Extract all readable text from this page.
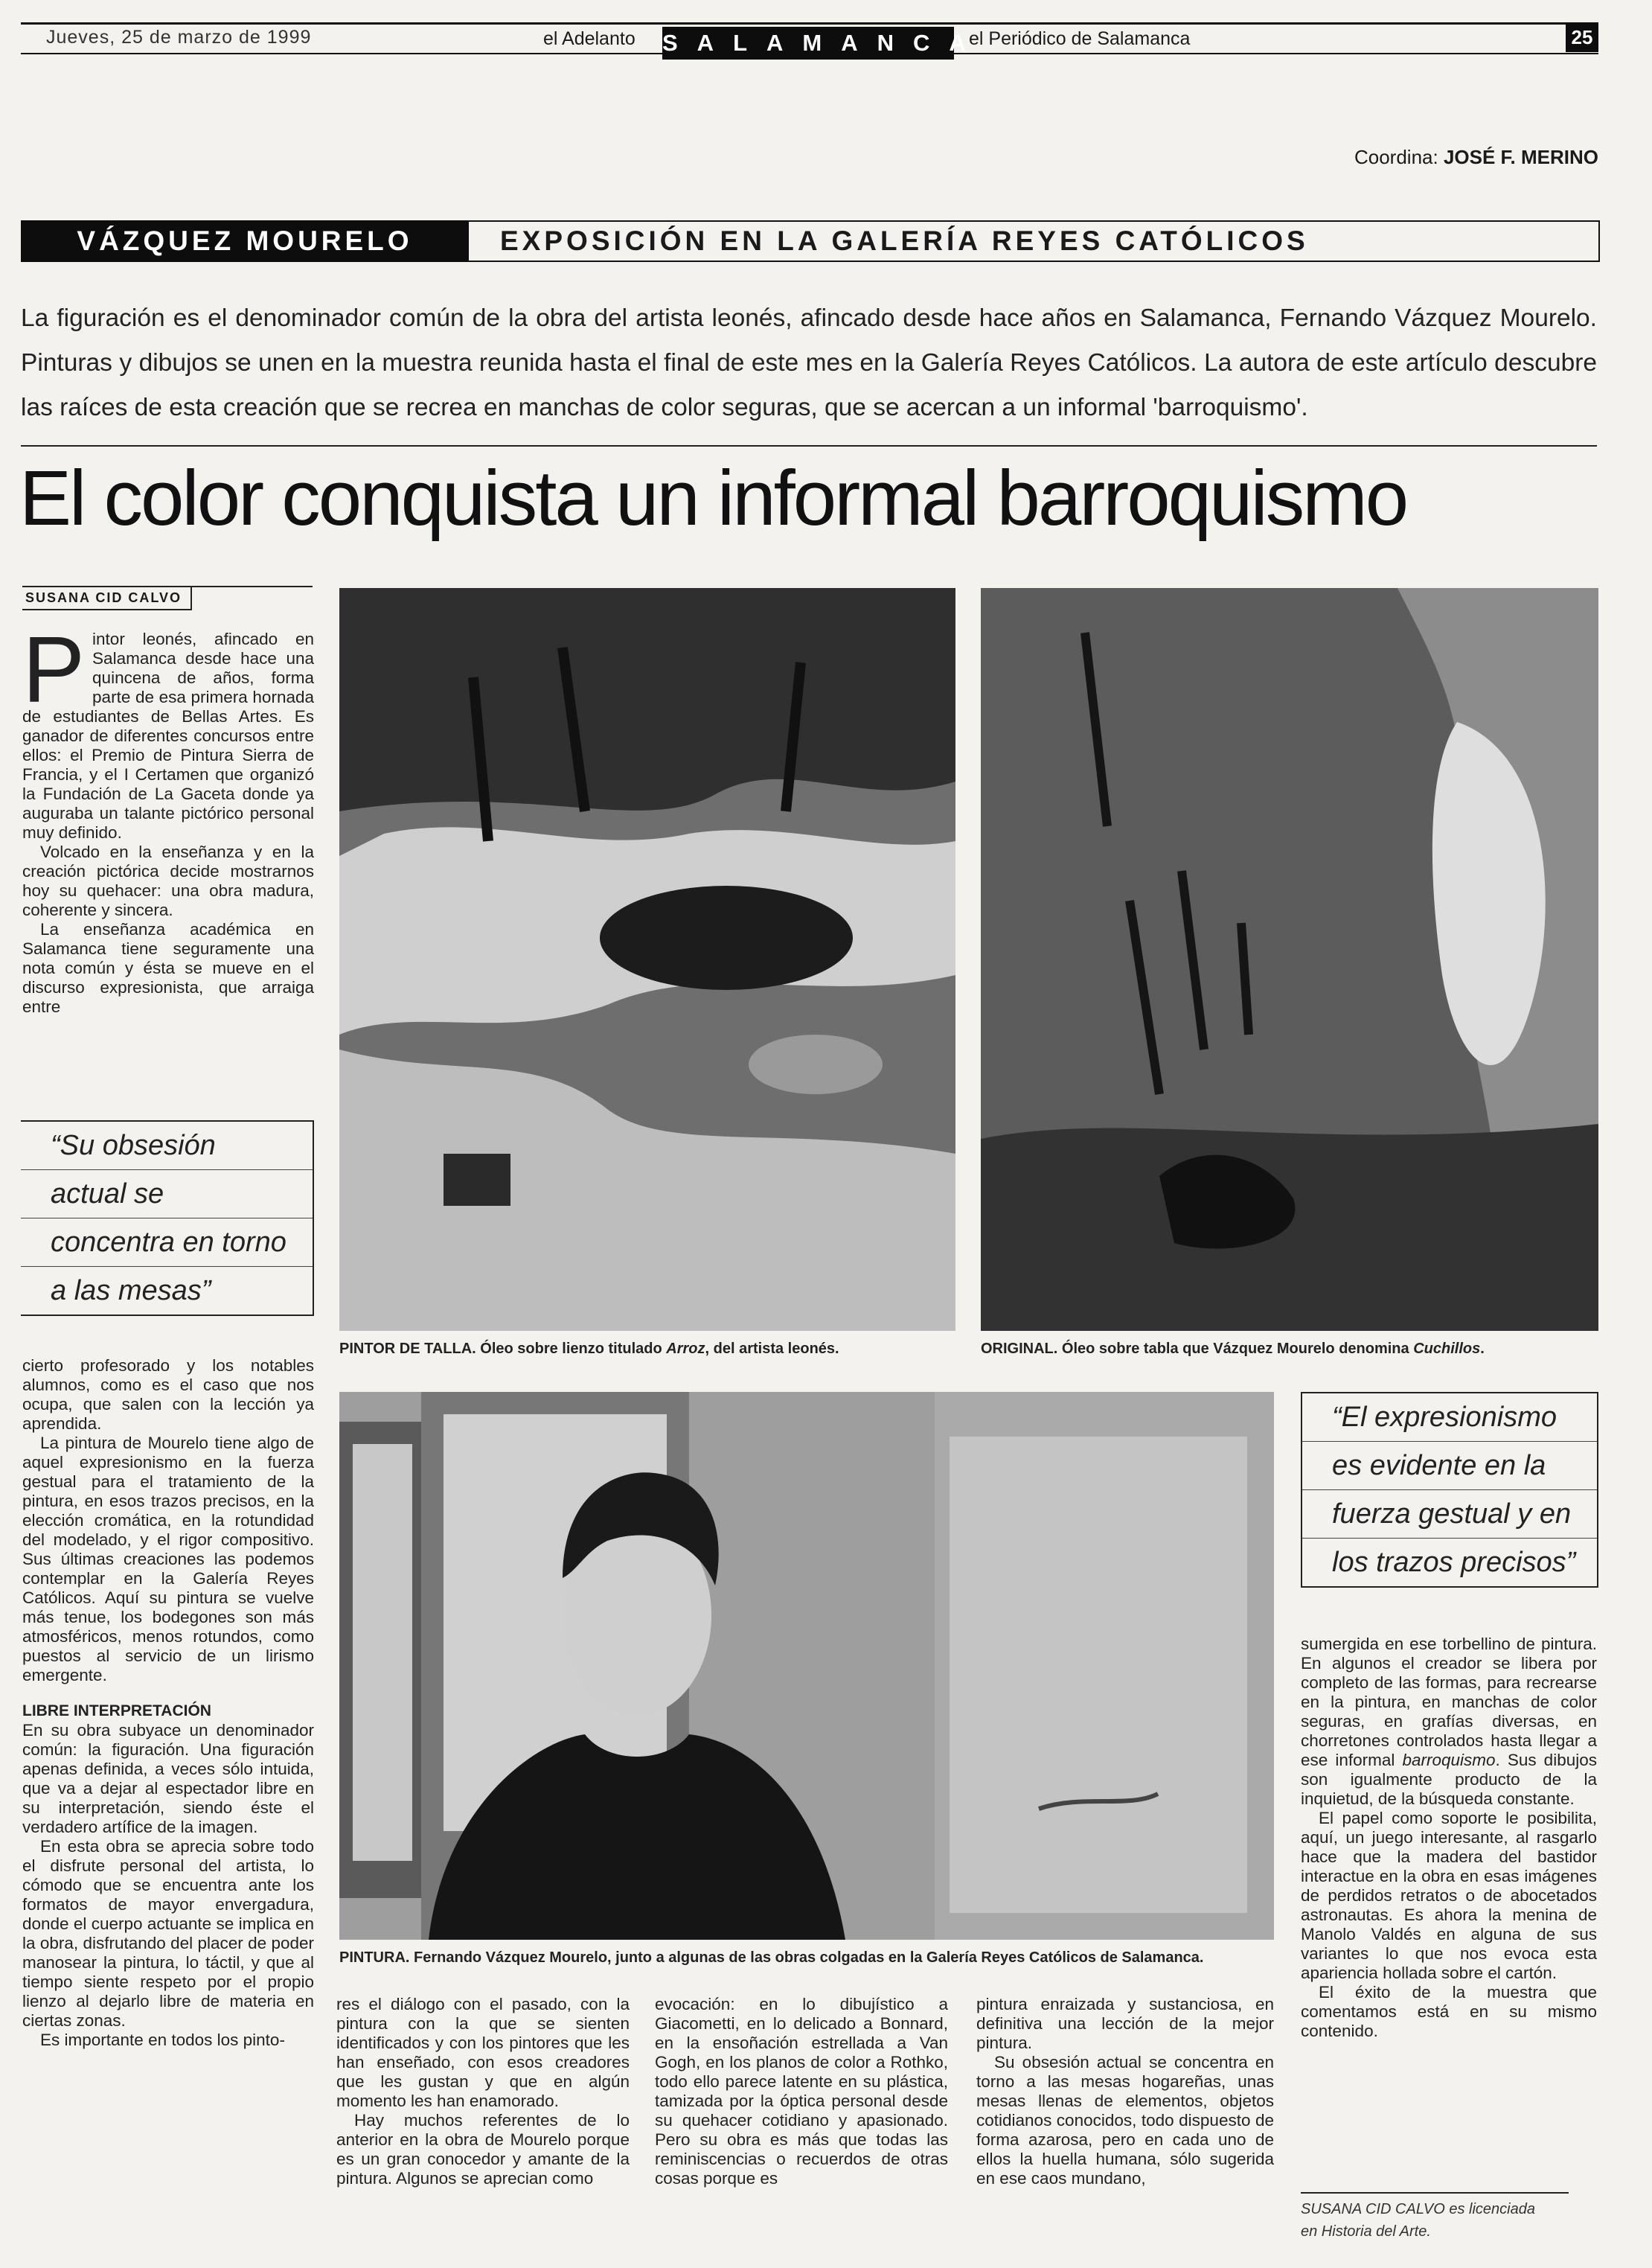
Jueves, 25 de marzo de 1999	el Adelanto SALAMANCA
el Periódico de Salamanca	25
Coordina: JOSÉ F. MERINO
VÁZQUEZ MOURELO	EXPOSICIÓN EN LA GALERÍA REYES CATÓLICOS
La figuración es el denominador común de la obra del artista leonés, afincado desde hace años en Salamanca, Fernando Vázquez Mourelo. Pinturas y dibujos se unen en la muestra reunida hasta el final de este mes en la Galería Reyes Católicos. La autora de este artículo descubre las raíces de esta creación que se recrea en manchas de color seguras, que se acercan a un informal 'barroquismo'.
El color conquista un informal barroquismo
SUSANA CID CALVO

Pintor leonés, afincado en Salamanca desde hace una quincena de años, forma parte de esa primera hornada de estudiantes de Bellas Artes. Es ganador de diferentes concursos entre ellos: el Premio de Pintura Sierra de Francia, y el I Certamen que organizó la Fundación de La Gaceta donde ya auguraba un talante pictórico personal muy definido.

Volcado en la enseñanza y en la creación pictórica decide mostrarnos hoy su quehacer: una obra madura, coherente y sincera.

La enseñanza académica en Salamanca tiene seguramente una nota común y ésta se mueve en el discurso expresionista, que arraiga entre

“Su obsesión
actual se
concentra en torno
a las mesas”

cierto profesorado y los notables alumnos, como es el caso que nos ocupa, que salen con la lección ya aprendida.

La pintura de Mourelo tiene algo de aquel expresionismo en la fuerza gestual para el tratamiento de la pintura, en esos trazos precisos, en la elección cromática, en la rotundidad del modelado, y el rigor compositivo. Sus últimas creaciones las podemos contemplar en la Galería Reyes Católicos. Aquí su pintura se vuelve más tenue, los bodegones son más atmosféricos, menos rotundos, como puestos al servicio de un lirismo emergente.

LIBRE INTERPRETACIÓN

En su obra subyace un denominador común: la figuración. Una figuración apenas definida, a veces sólo intuida, que va a dejar al espectador libre en su interpretación, siendo éste el verdadero artífice de la imagen.

En esta obra se aprecia sobre todo el disfrute personal del artista, lo cómodo que se encuentra ante los formatos de mayor envergadura, donde el cuerpo actuante se implica en la obra, disfrutando del placer de poder manosear la pintura, lo táctil, y que al tiempo siente respeto por el propio lienzo al dejarlo libre de materia en ciertas zonas.

Es importante en todos los pinto-

PINTOR DE TALLA. Óleo sobre lienzo titulado Arroz, del artista leonés.	ORIGINAL. Óleo sobre tabla que Vázquez Mourelo denomina Cuchillos.
PINTURA. Fernando Vázquez Mourelo, junto a algunas de las obras colgadas en la Galería Reyes Católicos de Salamanca.
“El expresionismo
es evidente en la
fuerza gestual y en
los trazos precisos”

res el diálogo con el pasado, con la pintura con la que se sienten identificados y con los pintores que les han enseñado, con esos creadores que les gustan y que en algún momento les han enamorado.

Hay muchos referentes de lo anterior en la obra de Mourelo porque es un gran conocedor y amante de la pintura. Algunos se aprecian como

evocación: en lo dibujístico a Giacometti, en lo delicado a Bonnard, en la ensoñación estrellada a Van Gogh, en los planos de color a Rothko, todo ello parece latente en su plástica, tamizada por la óptica personal desde su quehacer cotidiano y apasionado. Pero su obra es más que todas las reminiscencias o recuerdos de otras cosas porque es

pintura enraizada y sustanciosa, en definitiva una lección de la mejor pintura.

Su obsesión actual se concentra en torno a las mesas hogareñas, unas mesas llenas de elementos, objetos cotidianos conocidos, todo dispuesto de forma azarosa, pero en cada uno de ellos la huella humana, sólo sugerida en ese caos mundano,

sumergida en ese torbellino de pintura. En algunos el creador se libera por completo de las formas, para recrearse en la pintura, en manchas de color seguras, en grafías diversas, en chorretones controlados hasta llegar a ese informal barroquismo. Sus dibujos son igualmente producto de la inquietud, de la búsqueda constante.

El papel como soporte le posibilita, aquí, un juego interesante, al rasgarlo hace que la madera del bastidor interactue en la obra en esas imágenes de perdidos retratos o de abocetados astronautas. Es ahora la menina de Manolo Valdés en alguna de sus variantes lo que nos evoca esta apariencia hollada sobre el cartón.

El éxito de la muestra que comentamos está en su mismo contenido.

SUSANA CID CALVO es licenciada
en Historia del Arte.
